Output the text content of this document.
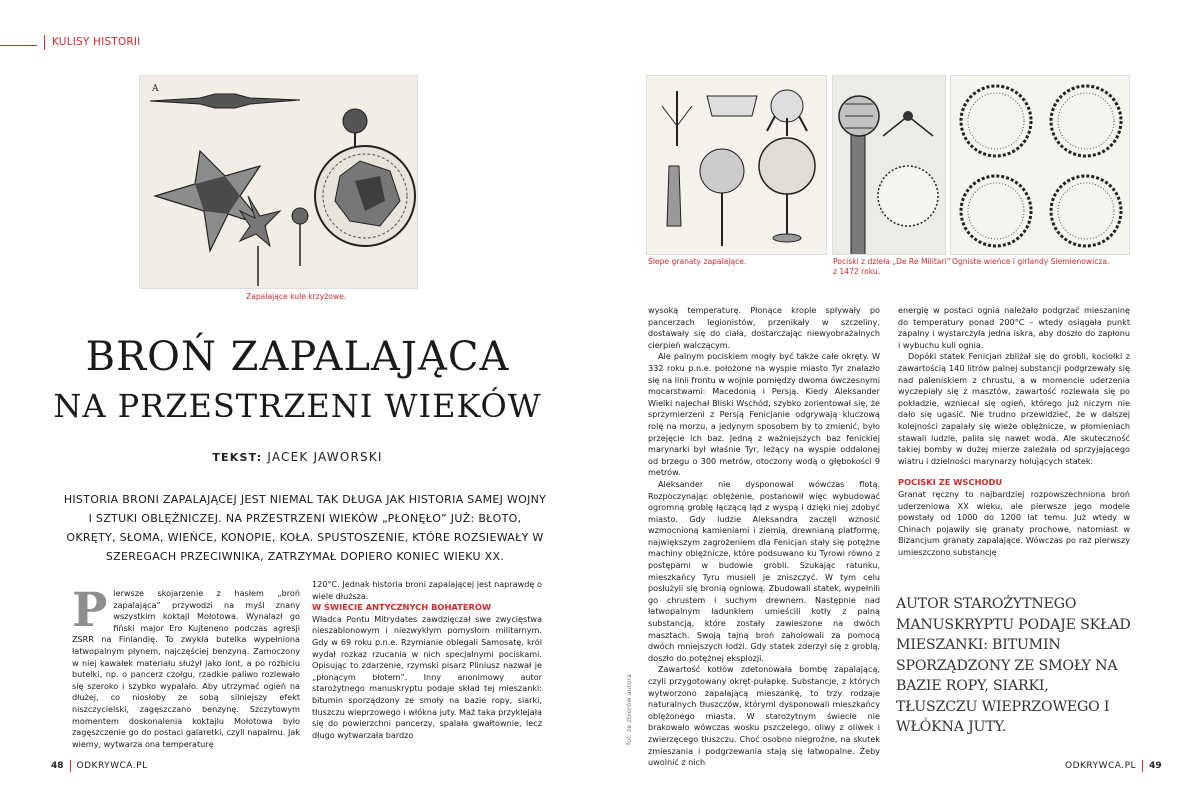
KULISY HISTORII
A
Zapalające kule krzyżowe.
Ślepe granaty zapalające.	Pociski z dzieła „De Re Militari” z 1472 roku.
Ogniste wieńce i girlandy Siemienowicza.
BROŃ ZAPALAJĄCA
NA PRZESTRZENI WIEKÓW
TEKST: JACEK JAWORSKI
HISTORIA BRONI ZAPALAJĄCEJ JEST NIEMAL TAK DŁUGA JAK HISTORIA SAMEJ WOJNY I SZTUKI OBLĘŻNICZEJ. NA PRZESTRZENI WIEKÓW „PŁONĘŁO” JUŻ: BŁOTO, OKRĘTY, SŁOMA, WIEŃCE, KONOPIE, KOŁA. SPUSTOSZENIE, KTÓRE ROZSIEWAŁY W SZEREGACH PRZECIWNIKA, ZATRZYMAŁ DOPIERO KONIEC WIEKU XX.
P ierwsze skojarzenie z hasłem „broń zapalająca” przywodzi na myśl znany wszystkim koktajl Mołotowa. Wynalazł go fiński major Ero Kujteneno podczas agresji ZSRR na Finlandię. To zwykła butelka wypełniona łatwopalnym płynem, najczęściej benzyną. Zamoczony w niej kawałek materiału służył jako lont, a po rozbiciu butelki, np. o pancerz czołgu, rzadkie paliwo rozlewało się szeroko i szybko wypalało. Aby utrzymać ogień na dłużej, co niosłoby ze sobą silniejszy efekt niszczycielski, zagęszczano benzynę. Szczytowym momentem doskonalenia koktajlu Mołotowa było zagęszczenie go do postaci galaretki, czyli napalmu. Jak wiemy, wytwarza ona temperaturę

120°C. Jednak historia broni zapalającej jest naprawdę o wiele dłuższa.

W ŚWIECIE ANTYCZNYCH BOHATERÓW

Władca Pontu Mitrydates zawdzięczał swe zwycięstwa nieszablonowym i niezwykłym pomysłom militarnym. Gdy w 69 roku p.n.e. Rzymianie oblegali Samosatę, król wydał rozkaz rzucania w nich specjalnymi pociskami. Opisując to zdarzenie, rzymski pisarz Pliniusz nazwał je „płonącym błotem”. Inny anonimowy autor starożytnego manuskryptu podaje skład tej mieszanki: bitumin sporządzony ze smoły na bazie ropy, siarki, tłuszczu wieprzowego i włókna juty. Maź taka przyklejała się do powierzchni pancerzy, spalała gwałtownie, lecz długo wytwarzała bardzo

wysoką temperaturę. Płonące krople spływały po pancerzach legionistów, przenikały w szczeliny, dostawały się do ciała, dostarczając niewyobrażalnych cierpień walczącym.

Ale palnym pociskiem mogły być także całe okręty. W 332 roku p.n.e. położone na wyspie miasto Tyr znalazło się na linii frontu w wojnie pomiędzy dwoma ówczesnymi mocarstwami: Macedonią i Persją. Kiedy Aleksander Wielki najechał Bliski Wschód, szybko zorientował się, że sprzymierzeni z Persją Fenicjanie odgrywają kluczową rolę na morzu, a jedynym sposobem by to zmienić, było przejęcie ich baz. Jedną z ważniejszych baz fenickiej marynarki był właśnie Tyr, leżący na wyspie oddalonej od brzegu o 300 metrów, otoczony wodą o głębokości 9 metrów.

Aleksander nie dysponował wówczas flotą. Rozpoczynając oblężenie, postanowił więc wybudować ogromną groblę łączącą ląd z wyspą i dzięki niej zdobyć miasto. Gdy ludzie Aleksandra zaczęli wznosić wzmocnioną kamieniami i ziemią, drewnianą platformę, największym zagrożeniem dla Fenicjan stały się potężne machiny oblężnicze, które podsuwano ku Tyrowi równo z postępami w budowie grobli. Szukając ratunku, mieszkańcy Tyru musieli je zniszczyć. W tym celu posłużyli się bronią ogniową. Zbudowali statek, wypełnili go chrustem i suchym drewnem. Następnie nad łatwopalnym ładunkiem umieścili kotły z palną substancją, które zostały zawieszone na dwóch masztach. Swoją tajną broń zaholowali za pomocą dwóch mniejszych łodzi. Gdy statek zderzył się z groblą, doszło do potężnej eksplozji.

Zawartość kotłów zdetonowała bombę zapalającą, czyli przygotowany okręt-pułapkę. Substancje, z których wytworzono zapalającą mieszankę, to trzy rodzaje naturalnych tłuszczów, którymi dysponowali mieszkańcy oblężonego miasta. W starożytnym świecie nie brakowało wówczas wosku pszczelego, oliwy z oliwek i zwierzęcego tłuszczu. Choć osobno niegroźne, na skutek zmieszania i podgrzewania stają się łatwopalne. Żeby uwolnić z nich

energię w postaci ognia należało podgrzać mieszaninę do temperatury ponad 200°C – wtedy osiągała punkt zapalny i wystarczyła jedna iskra, aby doszło do zapłonu i wybuchu kuli ognia.

Dopóki statek Fenicjan zbliżał się do grobli, kociołki z zawartością 140 litrów palnej substancji podgrzewały się nad paleniskiem z chrustu, a w momencie uderzenia wyczepiały się z masztów, zawartość rozlewała się po pokładzie, wzniecał się ogień, którego już niczym nie dało się ugasić. Nie trudno przewidzieć, że w dalszej kolejności zapalały się wieże oblężnicze, w płomieniach stawali ludzie, paliła się nawet woda. Ale skuteczność takiej bomby w dużej mierze zależała od sprzyjającego wiatru i dzielności marynarzy holujących statek.

POCISKI ZE WSCHODU

Granat ręczny to najbardziej rozpowszechniona broń uderzeniowa XX wieku, ale pierwsze jego modele powstały od 1000 do 1200 lat temu. Już wtedy w Chinach pojawiły się granaty prochowe, natomiast w Bizancjum granaty zapalające. Wówczas po raz pierwszy umieszczono substancję

AUTOR STAROŻYTNEGO MANUSKRYPTU PODAJE SKŁAD MIESZANKI: BITUMIN SPORZĄDZONY ZE SMOŁY NA BAZIE ROPY, SIARKI, TŁUSZCZU WIEPRZOWEGO I WŁÓKNA JUTY.
fot. ze zbiorów autora
48 ODKRYWCA.PL	ODKRYWCA.PL 49
